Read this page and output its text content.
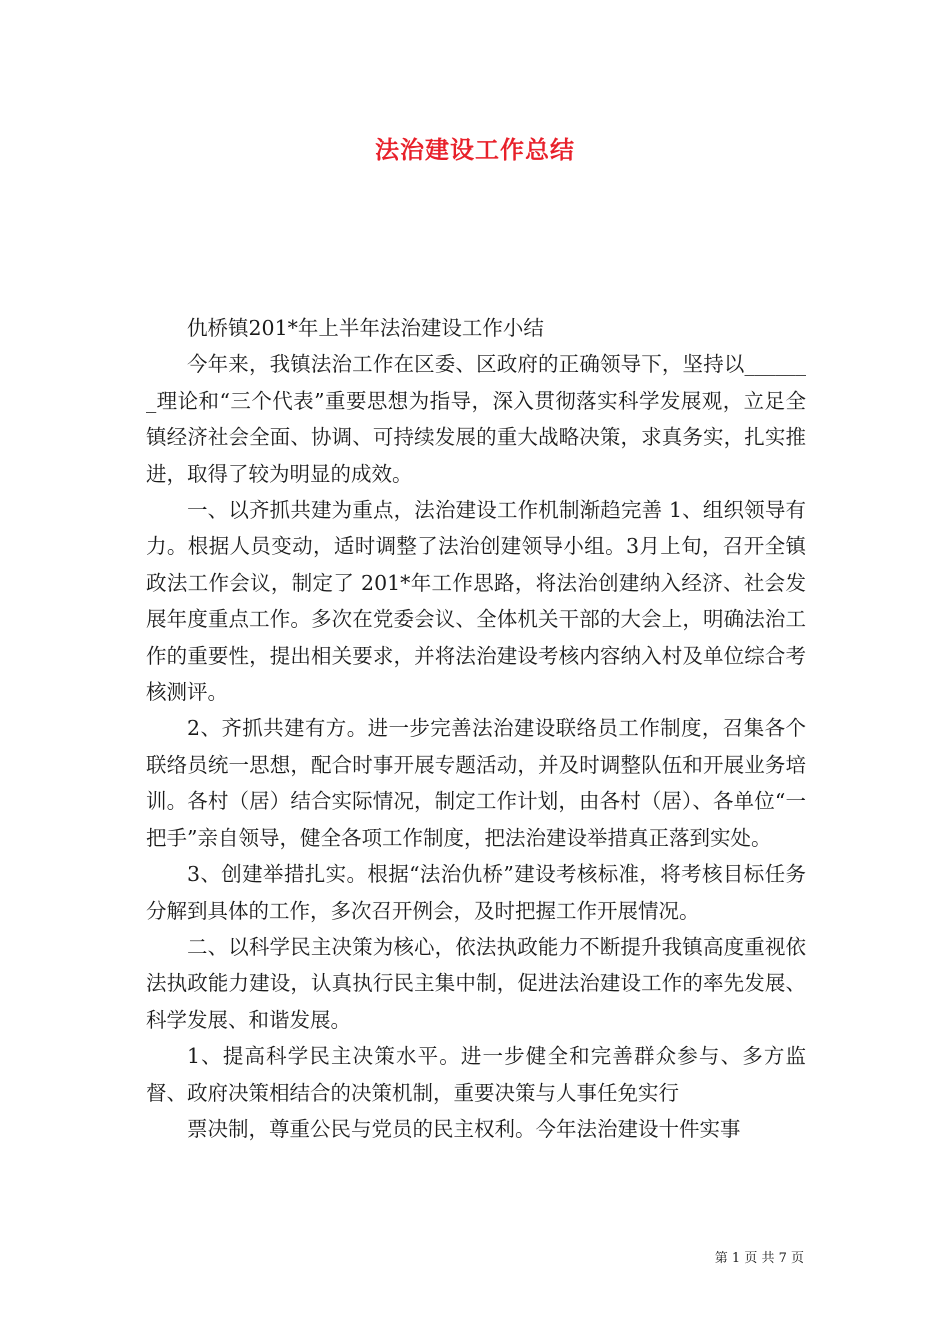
法治建设工作总结

仇桥镇201*年上半年法治建设工作小结

今年来，我镇法治工作在区委、区政府的正确领导下，坚持以_______理论和“三个代表”重要思想为指导，深入贯彻落实科学发展观，立足全镇经济社会全面、协调、可持续发展的重大战略决策，求真务实，扎实推进，取得了较为明显的成效。

一、以齐抓共建为重点，法治建设工作机制渐趋完善 1、组织领导有力。根据人员变动，适时调整了法治创建领导小组。3月上旬，召开全镇政法工作会议，制定了 201*年工作思路，将法治创建纳入经济、社会发展年度重点工作。多次在党委会议、全体机关干部的大会上，明确法治工作的重要性，提出相关要求，并将法治建设考核内容纳入村及单位综合考核测评。

2、齐抓共建有方。进一步完善法治建设联络员工作制度，召集各个联络员统一思想，配合时事开展专题活动，并及时调整队伍和开展业务培训。各村（居）结合实际情况，制定工作计划，由各村（居）、各单位“一把手”亲自领导，健全各项工作制度，把法治建设举措真正落到实处。

3、创建举措扎实。根据“法治仇桥”建设考核标准，将考核目标任务分解到具体的工作，多次召开例会，及时把握工作开展情况。

二、以科学民主决策为核心，依法执政能力不断提升我镇高度重视依法执政能力建设，认真执行民主集中制，促进法治建设工作的率先发展、科学发展、和谐发展。

1、提高科学民主决策水平。进一步健全和完善群众参与、多方监督、政府决策相结合的决策机制，重要决策与人事任免实行

票决制，尊重公民与党员的民主权利。今年法治建设十件实事

第 1 页 共 7 页
